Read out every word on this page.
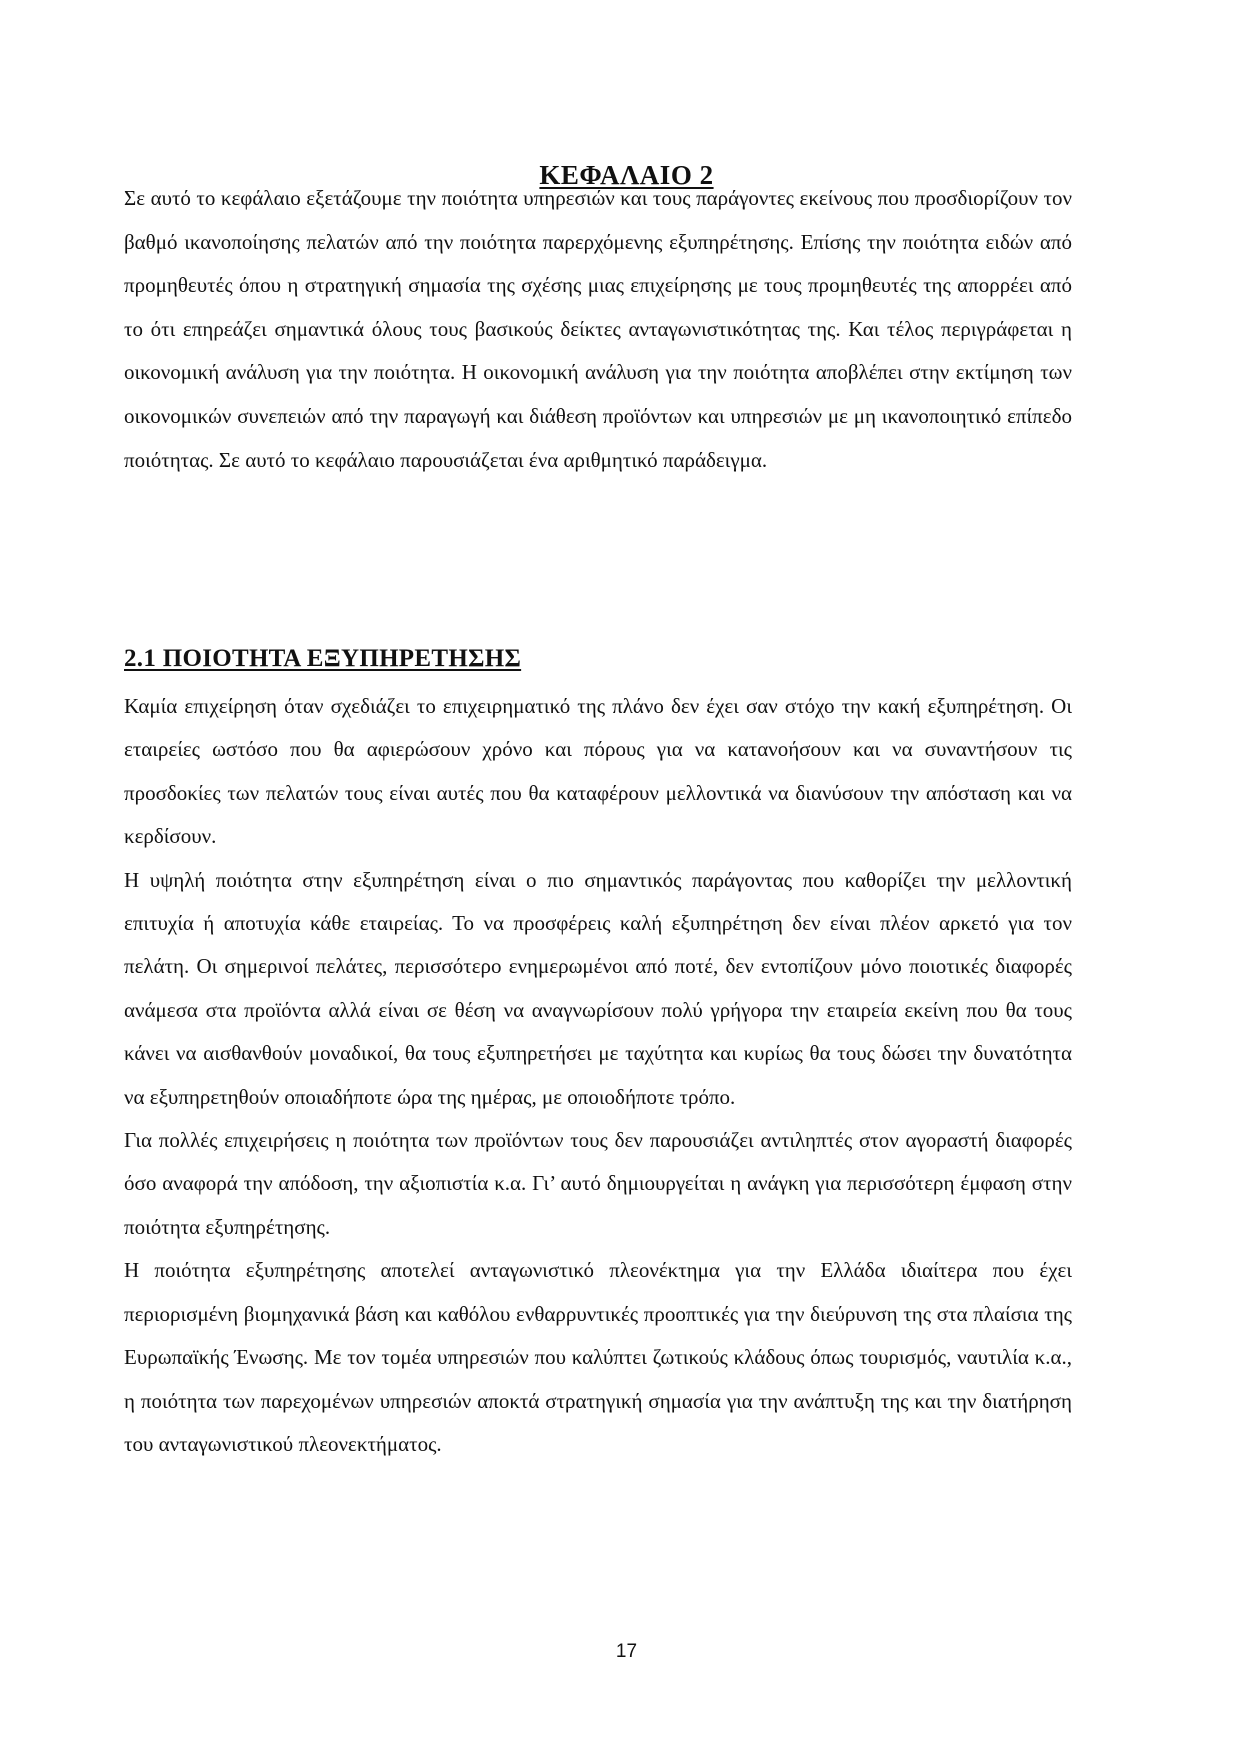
ΚΕΦΑΛΑΙΟ 2

Σε αυτό το κεφάλαιο εξετάζουμε την ποιότητα υπηρεσιών και τους παράγοντες εκείνους που προσδιορίζουν τον βαθμό ικανοποίησης πελατών από την ποιότητα παρερχόμενης εξυπηρέτησης. Επίσης την ποιότητα ειδών από προμηθευτές όπου η στρατηγική σημασία της σχέσης μιας επιχείρησης με τους προμηθευτές της απορρέει από το ότι επηρεάζει σημαντικά όλους τους βασικούς δείκτες ανταγωνιστικότητας της. Και τέλος περιγράφεται η οικονομική ανάλυση για την ποιότητα. Η οικονομική ανάλυση για την ποιότητα αποβλέπει στην εκτίμηση των οικονομικών συνεπειών από την παραγωγή και διάθεση προϊόντων και υπηρεσιών με μη ικανοποιητικό επίπεδο ποιότητας. Σε αυτό το κεφάλαιο παρουσιάζεται ένα αριθμητικό παράδειγμα.

2.1 ΠΟΙΟΤΗΤΑ ΕΞΥΠΗΡΕΤΗΣΗΣ

Καμία επιχείρηση όταν σχεδιάζει το επιχειρηματικό της πλάνο δεν έχει σαν στόχο την κακή εξυπηρέτηση. Οι εταιρείες ωστόσο που θα αφιερώσουν χρόνο και πόρους για να κατανοήσουν και να συναντήσουν τις προσδοκίες των πελατών τους είναι αυτές που θα καταφέρουν μελλοντικά να διανύσουν την απόσταση και να κερδίσουν.

Η υψηλή ποιότητα στην εξυπηρέτηση είναι ο πιο σημαντικός παράγοντας που καθορίζει την μελλοντική επιτυχία ή αποτυχία κάθε εταιρείας. Το να προσφέρεις καλή εξυπηρέτηση δεν είναι πλέον αρκετό για τον πελάτη. Οι σημερινοί πελάτες, περισσότερο ενημερωμένοι από ποτέ, δεν εντοπίζουν μόνο ποιοτικές διαφορές ανάμεσα στα προϊόντα αλλά είναι σε θέση να αναγνωρίσουν πολύ γρήγορα την εταιρεία εκείνη που θα τους κάνει να αισθανθούν μοναδικοί, θα τους εξυπηρετήσει με ταχύτητα και κυρίως θα τους δώσει την δυνατότητα να εξυπηρετηθούν οποιαδήποτε ώρα της ημέρας, με οποιοδήποτε τρόπο.

Για πολλές επιχειρήσεις η ποιότητα των προϊόντων τους δεν παρουσιάζει αντιληπτές στον αγοραστή διαφορές όσο αναφορά την απόδοση, την αξιοπιστία κ.α. Γι’ αυτό δημιουργείται η ανάγκη για περισσότερη έμφαση στην ποιότητα εξυπηρέτησης.

Η ποιότητα εξυπηρέτησης αποτελεί ανταγωνιστικό πλεονέκτημα για την Ελλάδα ιδιαίτερα που έχει περιορισμένη βιομηχανικά βάση και καθόλου ενθαρρυντικές προοπτικές για την διεύρυνση της στα πλαίσια της Ευρωπαϊκής Ένωσης. Με τον τομέα υπηρεσιών που καλύπτει ζωτικούς κλάδους όπως τουρισμός, ναυτιλία κ.α., η ποιότητα των παρεχομένων υπηρεσιών αποκτά στρατηγική σημασία για την ανάπτυξη της και την διατήρηση του ανταγωνιστικού πλεονεκτήματος.

17
